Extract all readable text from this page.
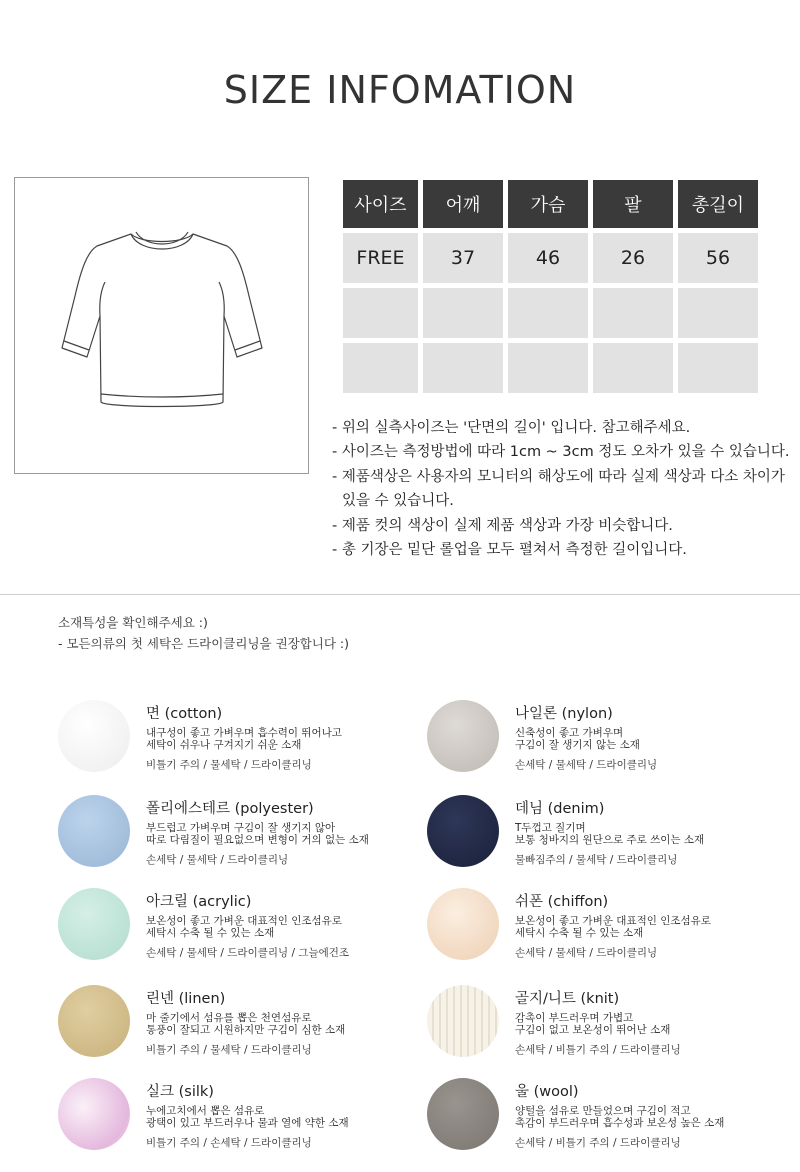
SIZE INFOMATION
사이즈	어깨	가슴	팔	총길이
FREE	37	46	26	56

- 위의 실측사이즈는 '단면의 길이' 입니다. 참고해주세요.
- 사이즈는 측정방법에 따라 1cm ~ 3cm 정도 오차가 있을 수 있습니다.
- 제품색상은 사용자의 모니터의 해상도에 따라 실제 색상과 다소 차이가
있을 수 있습니다.
- 제품 컷의 색상이 실제 제품 색상과 가장 비슷합니다.
- 총 기장은 밑단 롤업을 모두 펼쳐서 측정한 길이입니다.
소재특성을 확인해주세요 :)
- 모든의류의 첫 세탁은 드라이클리닝을 권장합니다 :)
면 (cotton)
내구성이 좋고 가벼우며 흡수력이 뛰어나고
세탁이 쉬우나 구겨지기 쉬운 소재
비틀기 주의 / 물세탁 / 드라이클리닝
나일론 (nylon)
신축성이 좋고 가벼우며
구김이 잘 생기지 않는 소재
손세탁 / 물세탁 / 드라이클리닝
폴리에스테르 (polyester)
부드럽고 가벼우며 구김이 잘 생기지 않아
따로 다림질이 필요없으며 변형이 거의 없는 소재
손세탁 / 물세탁 / 드라이클리닝
데님 (denim)
T두껍고 질기며
보통 청바지의 원단으로 주로 쓰이는 소재
물빠짐주의 / 물세탁 / 드라이클리닝
아크릴 (acrylic)
보온성이 좋고 가벼운 대표적인 인조섬유로
세탁시 수축 될 수 있는 소재
손세탁 / 물세탁 / 드라이클리닝 / 그늘에건조
쉬폰 (chiffon)
보온성이 좋고 가벼운 대표적인 인조섬유로
세탁시 수축 될 수 있는 소재
손세탁 / 물세탁 / 드라이클리닝
린넨 (linen)
마 줄기에서 섬유를 뽑은 천연섬유로
통풍이 잘되고 시원하지만 구김이 심한 소재
비틀기 주의 / 물세탁 / 드라이클리닝
골지/니트 (knit)
감촉이 부드러우며 가볍고
구김이 없고 보온성이 뛰어난 소재
손세탁 / 비틀기 주의 / 드라이클리닝
실크 (silk)
누에고치에서 뽑은 섬유로
광택이 있고 부드러우나 물과 열에 약한 소재
비틀기 주의 / 손세탁 / 드라이클리닝
울 (wool)
양털을 섬유로 만들었으며 구김이 적고
촉감이 부드러우며 흡수성과 보온성 높은 소재
손세탁 / 비틀기 주의 / 드라이클리닝
